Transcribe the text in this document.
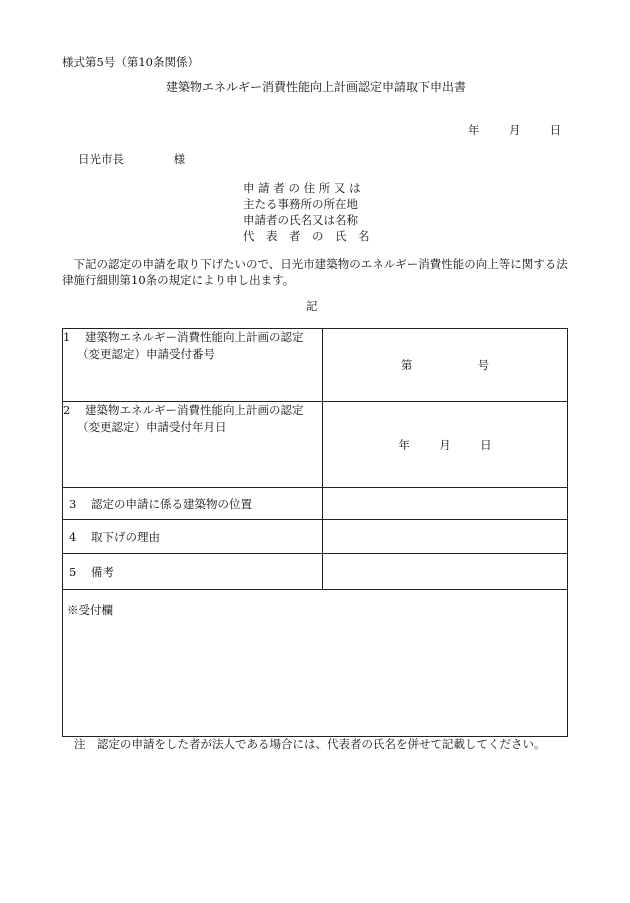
様式第5号（第10条関係）
建築物エネルギー消費性能向上計画認定申請取下申出書
年	月	日
日光市長	様
申 請 者 の 住 所 又 は
主たる事務所の所在地
申請者の氏名又は名称
代　表　者　の　氏　名
　下記の認定の申請を取り下げたいので、日光市建築物のエネルギー消費性能の向上等に関する法律施行細則第10条の規定により申し出ます。
記
1 建築物エネルギー消費性能向上計画の認定
（変更認定）申請受付番号	第 号
2 建築物エネルギー消費性能向上計画の認定
（変更認定）申請受付年月日	年 月 日
3 認定の申請に係る建築物の位置	
4 取下げの理由	
5 備考	
※受付欄	
注　認定の申請をした者が法人である場合には、代表者の氏名を併せて記載してください。
